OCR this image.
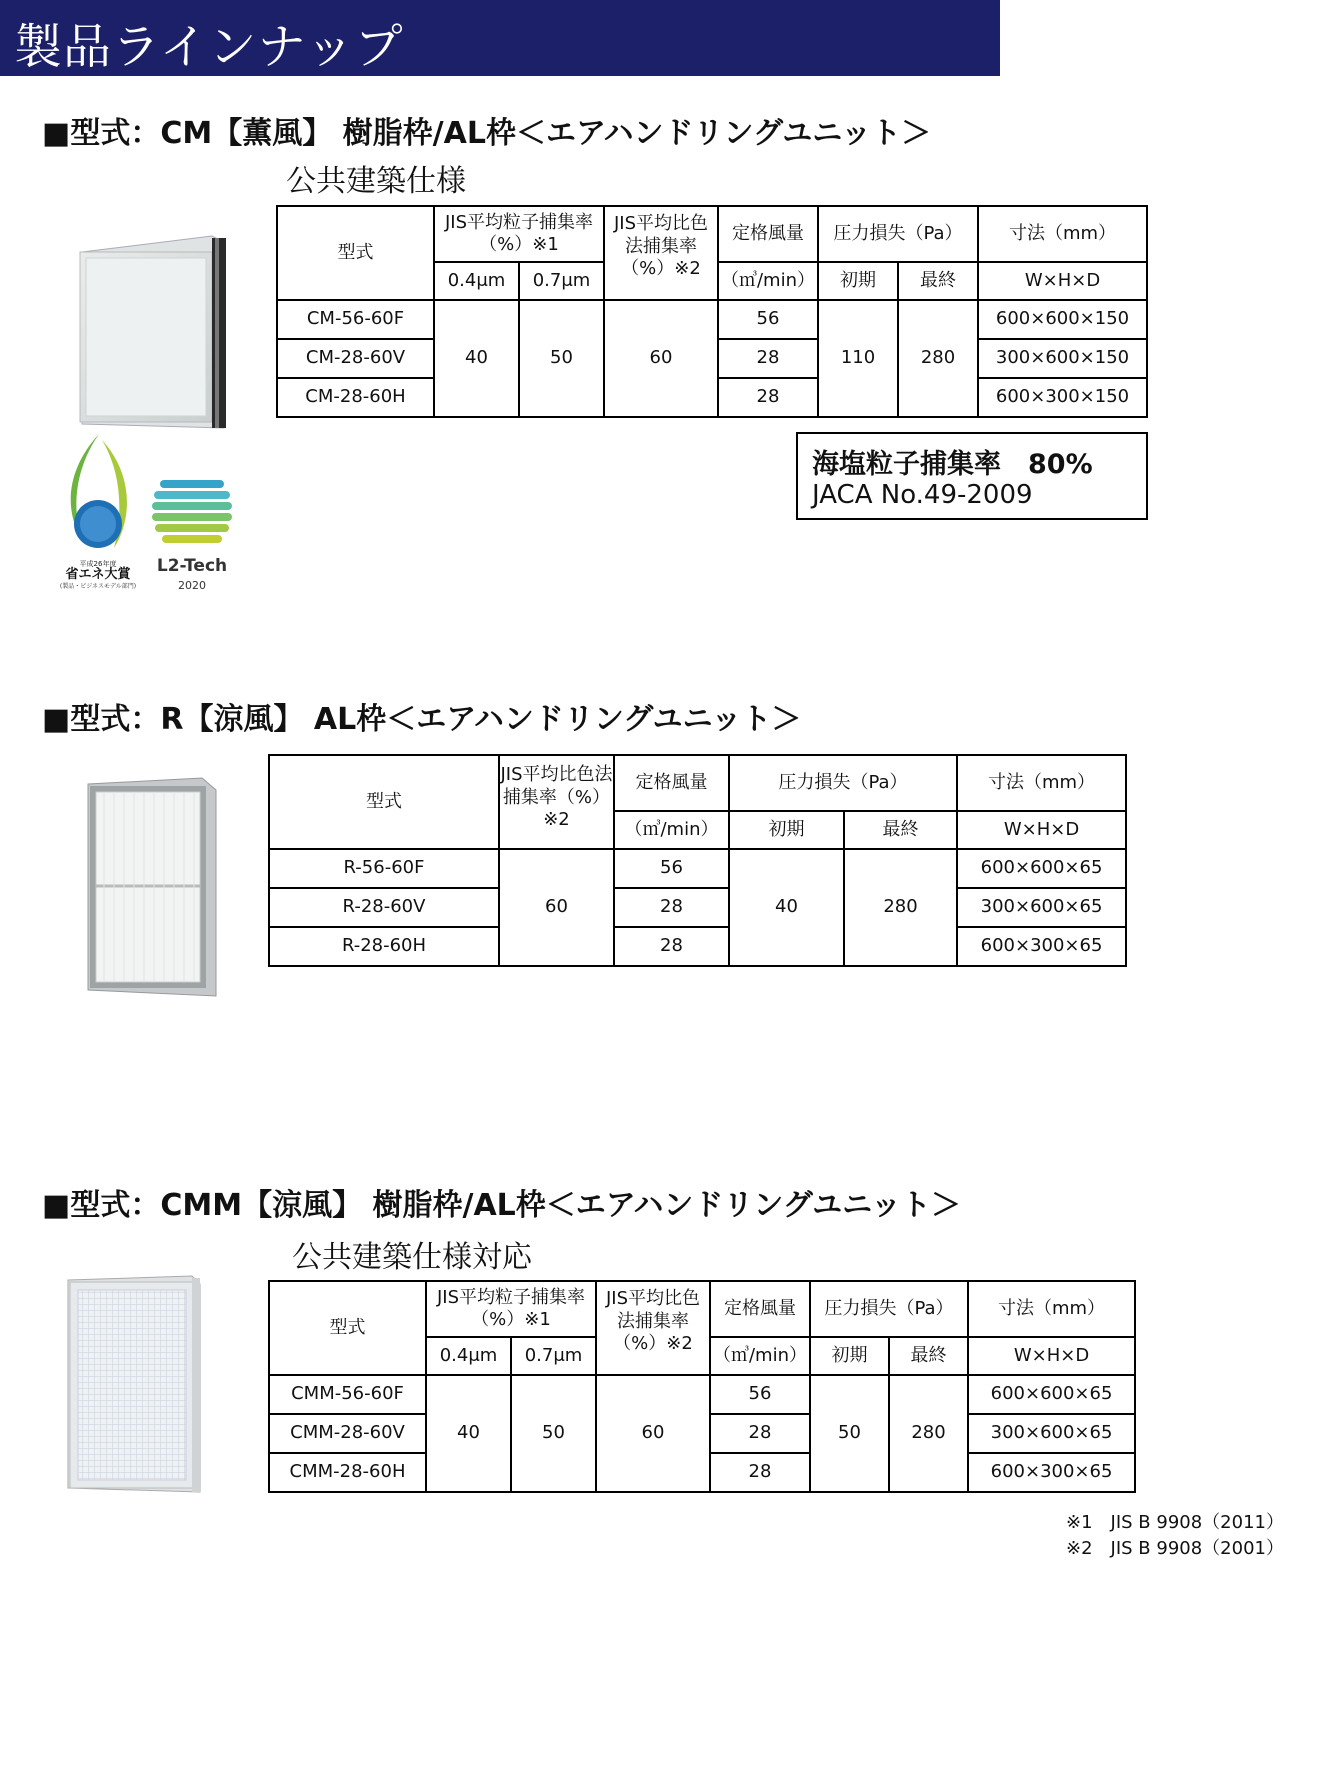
製品ラインナップ
■型式：CM【薫風】 樹脂枠/AL枠＜エアハンドリングユニット＞
公共建築仕様
平成26年度
省エネ大賞
(製品・ビジネスモデル部門)
L2-Tech
2020
型式	JIS平均粒子捕集率（%）※1		JIS平均比色法捕集率（%）※2	定格風量	圧力損失（Pa）		寸法（mm）
	0.4μm	0.7μm		（㎥/min）	初期	最終	W×H×D
CM-56-60F	40	50	60	56	110	280	600×600×150
CM-28-60V				28			300×600×150
CM-28-60H				28			600×300×150
海塩粒子捕集率　80%
JACA No.49-2009
■型式：R【涼風】 AL枠＜エアハンドリングユニット＞
型式	JIS平均比色法捕集率（%）※2	定格風量	圧力損失（Pa）		寸法（mm）
		（㎥/min）	初期	最終	W×H×D
R-56-60F	60	56	40	280	600×600×65
R-28-60V		28			300×600×65
R-28-60H		28			600×300×65
■型式：CMM【涼風】 樹脂枠/AL枠＜エアハンドリングユニット＞
公共建築仕様対応
型式	JIS平均粒子捕集率（%）※1		JIS平均比色法捕集率（%）※2	定格風量	圧力損失（Pa）		寸法（mm）
	0.4μm	0.7μm		（㎥/min）	初期	最終	W×H×D
CMM-56-60F	40	50	60	56	50	280	600×600×65
CMM-28-60V				28			300×600×65
CMM-28-60H				28			600×300×65
※1　JIS B 9908（2011）
※2　JIS B 9908（2001）
